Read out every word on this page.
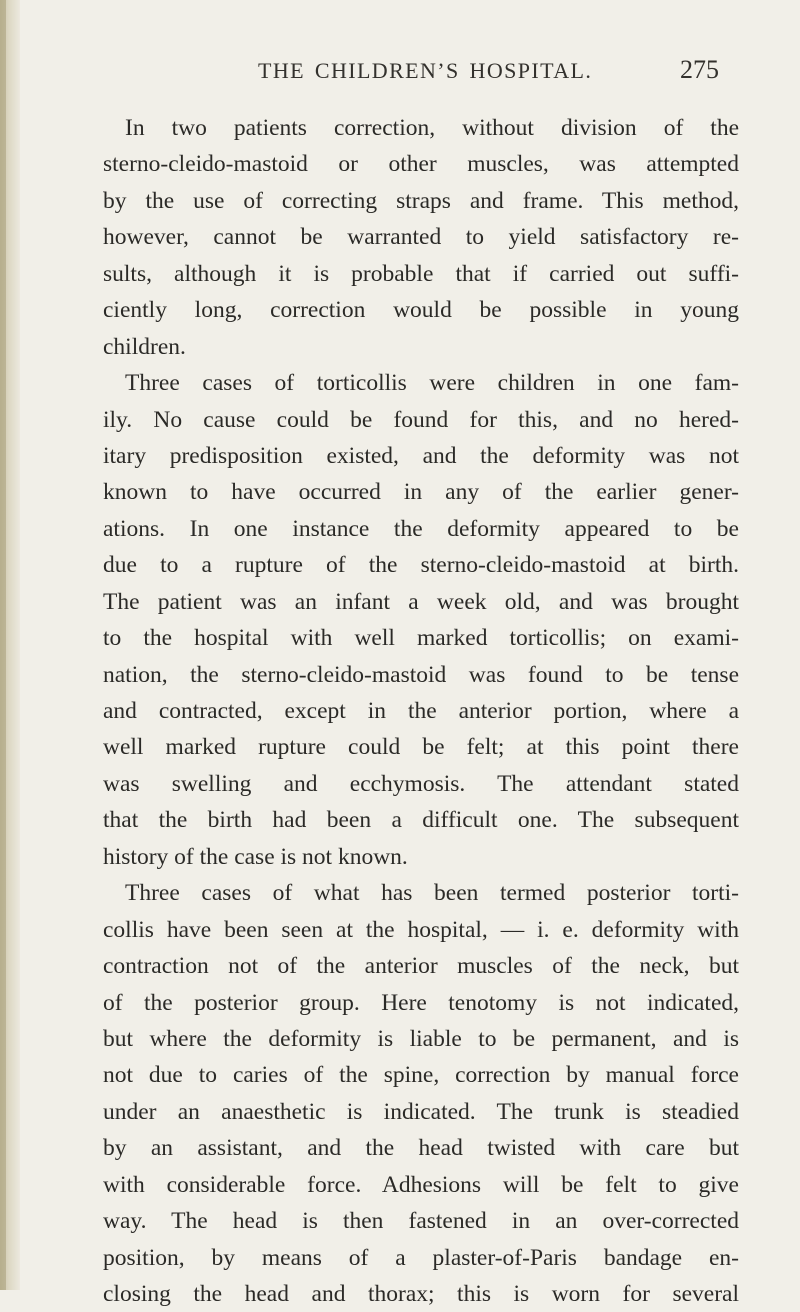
THE CHILDREN’S HOSPITAL.	275
In two patients correction, without division of the
sterno-cleido-mastoid or other muscles, was attempted
by the use of correcting straps and frame. This method,
however, cannot be warranted to yield satisfactory re-
sults, although it is probable that if carried out suffi-
ciently long, correction would be possible in young
children.
Three cases of torticollis were children in one fam-
ily. No cause could be found for this, and no hered-
itary predisposition existed, and the deformity was not
known to have occurred in any of the earlier gener-
ations. In one instance the deformity appeared to be
due to a rupture of the sterno-cleido-mastoid at birth.
The patient was an infant a week old, and was brought
to the hospital with well marked torticollis; on exami-
nation, the sterno-cleido-mastoid was found to be tense
and contracted, except in the anterior portion, where a
well marked rupture could be felt; at this point there
was swelling and ecchymosis. The attendant stated
that the birth had been a difficult one. The subsequent
history of the case is not known.
Three cases of what has been termed posterior torti-
collis have been seen at the hospital, — i. e. deformity with
contraction not of the anterior muscles of the neck, but
of the posterior group. Here tenotomy is not indicated,
but where the deformity is liable to be permanent, and is
not due to caries of the spine, correction by manual force
under an anaesthetic is indicated. The trunk is steadied
by an assistant, and the head twisted with care but
with considerable force. Adhesions will be felt to give
way. The head is then fastened in an over-corrected
position, by means of a plaster-of-Paris bandage en-
closing the head and thorax; this is worn for several
